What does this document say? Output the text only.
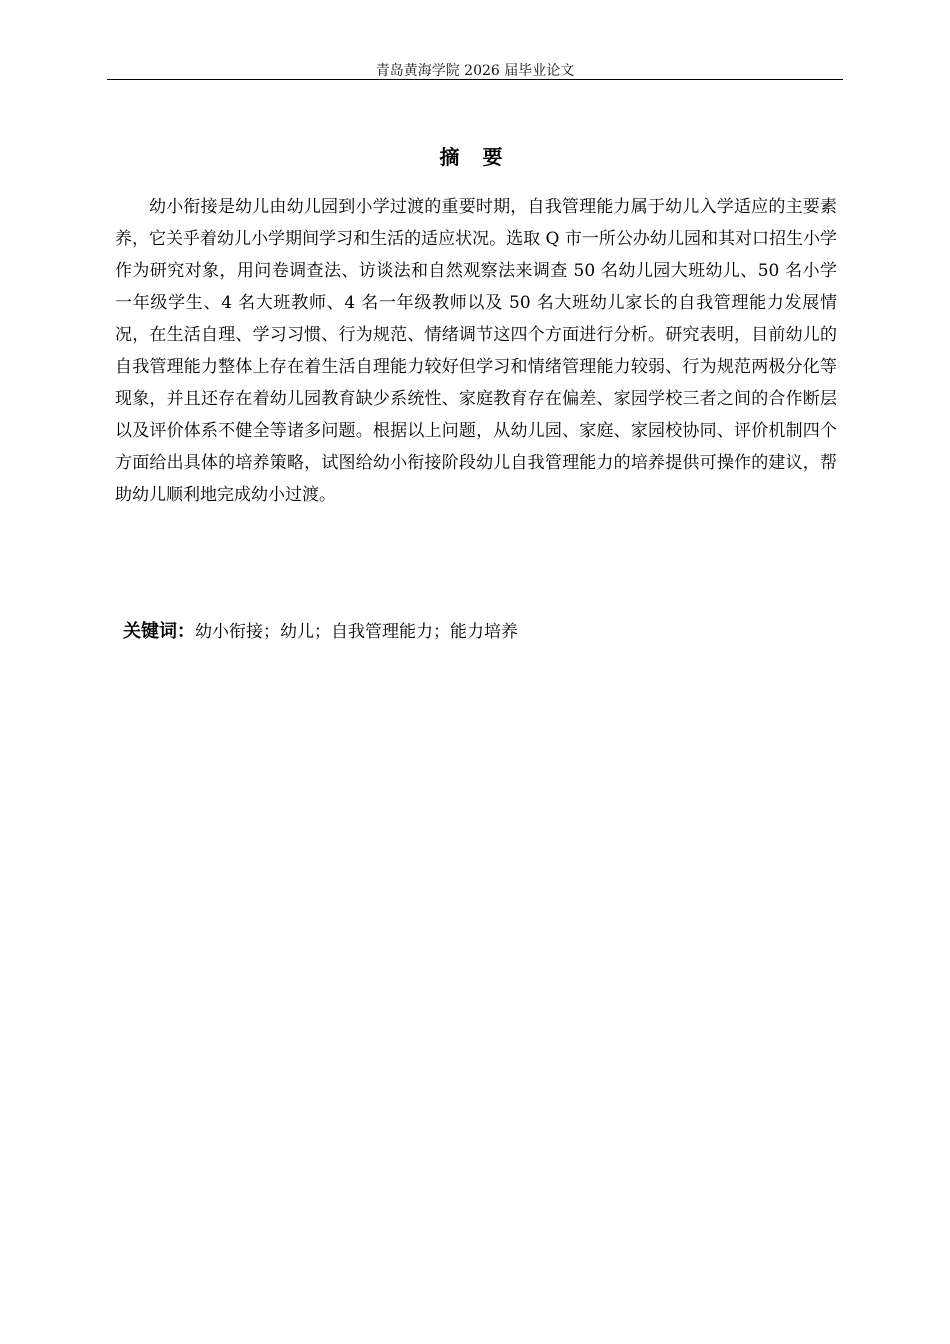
青岛黄海学院 2026 届毕业论文
摘 要

幼小衔接是幼儿由幼儿园到小学过渡的重要时期，自我管理能力属于幼儿入学适应的主要素养，它关乎着幼儿小学期间学习和生活的适应状况。选取 Q 市一所公办幼儿园和其对口招生小学作为研究对象，用问卷调查法、访谈法和自然观察法来调查 50 名幼儿园大班幼儿、50 名小学一年级学生、4 名大班教师、4 名一年级教师以及 50 名大班幼儿家长的自我管理能力发展情况，在生活自理、学习习惯、行为规范、情绪调节这四个方面进行分析。研究表明，目前幼儿的自我管理能力整体上存在着生活自理能力较好但学习和情绪管理能力较弱、行为规范两极分化等现象，并且还存在着幼儿园教育缺少系统性、家庭教育存在偏差、家园学校三者之间的合作断层以及评价体系不健全等诸多问题。根据以上问题，从幼儿园、家庭、家园校协同、评价机制四个方面给出具体的培养策略，试图给幼小衔接阶段幼儿自我管理能力的培养提供可操作的建议，帮助幼儿顺利地完成幼小过渡。

关键词：幼小衔接；幼儿；自我管理能力；能力培养
